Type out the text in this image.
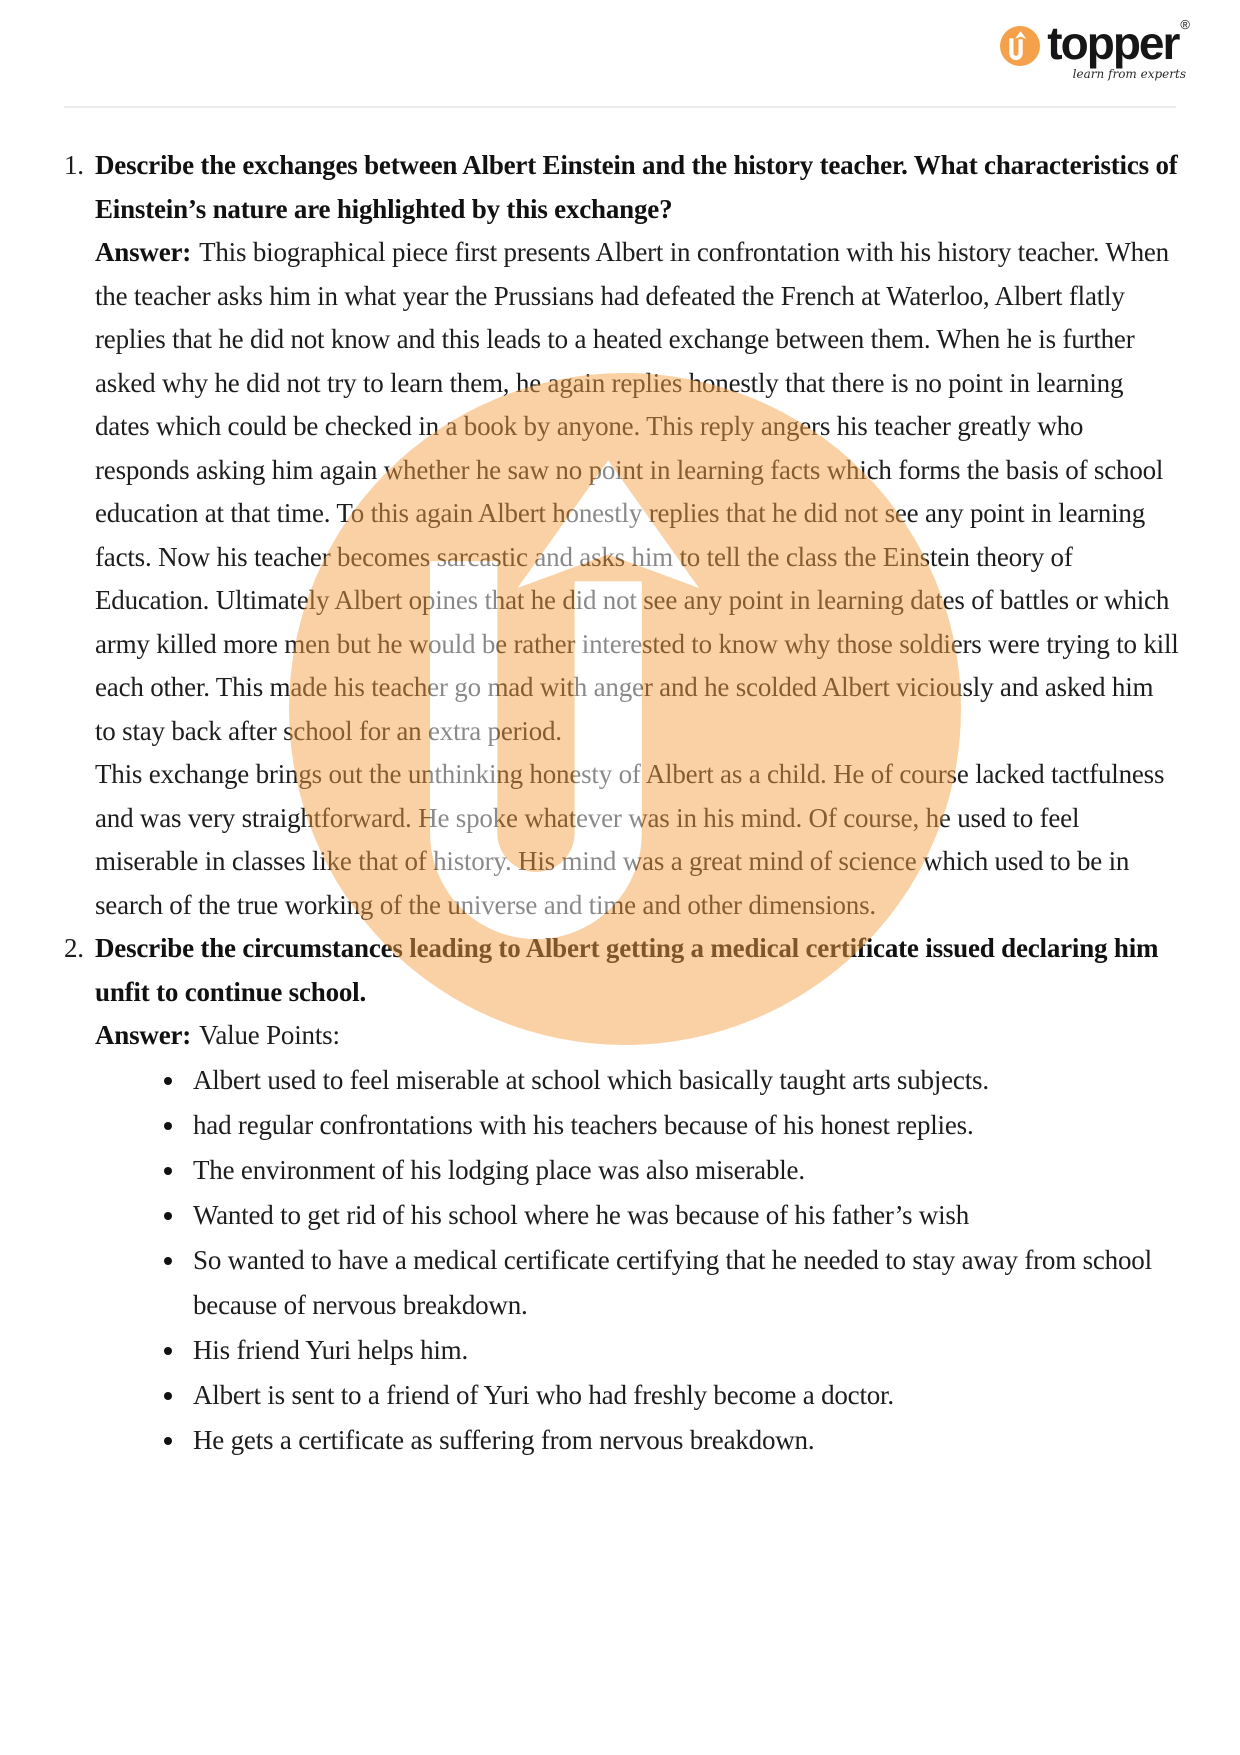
topper ®
learn from experts
1. Describe the exchanges between Albert Einstein and the history teacher. What characteristics of Einstein’s nature are highlighted by this exchange?

Answer: This biographical piece first presents Albert in confrontation with his history teacher. When the teacher asks him in what year the Prussians had defeated the French at Waterloo, Albert flatly replies that he did not know and this leads to a heated exchange between them. When he is further asked why he did not try to learn them, he again replies honestly that there is no point in learning dates which could be checked in a book by anyone. This reply angers his teacher greatly who responds asking him again whether he saw no point in learning facts which forms the basis of school education at that time. To this again Albert honestly replies that he did not see any point in learning facts. Now his teacher becomes sarcastic and asks him to tell the class the Einstein theory of Education. Ultimately Albert opines that he did not see any point in learning dates of battles or which army killed more men but he would be rather interested to know why those soldiers were trying to kill each other. This made his teacher go mad with anger and he scolded Albert viciously and asked him to stay back after school for an extra period.

This exchange brings out the unthinking honesty of Albert as a child. He of course lacked tactfulness and was very straightforward. He spoke whatever was in his mind. Of course, he used to feel miserable in classes like that of history. His mind was a great mind of science which used to be in search of the true working of the universe and time and other dimensions.

2. Describe the circumstances leading to Albert getting a medical certificate issued declaring him unfit to continue school.

Answer: Value Points:

Albert used to feel miserable at school which basically taught arts subjects.
had regular confrontations with his teachers because of his honest replies.
The environment of his lodging place was also miserable.
Wanted to get rid of his school where he was because of his father’s wish
So wanted to have a medical certificate certifying that he needed to stay away from school because of nervous breakdown.
His friend Yuri helps him.
Albert is sent to a friend of Yuri who had freshly become a doctor.
He gets a certificate as suffering from nervous breakdown.
